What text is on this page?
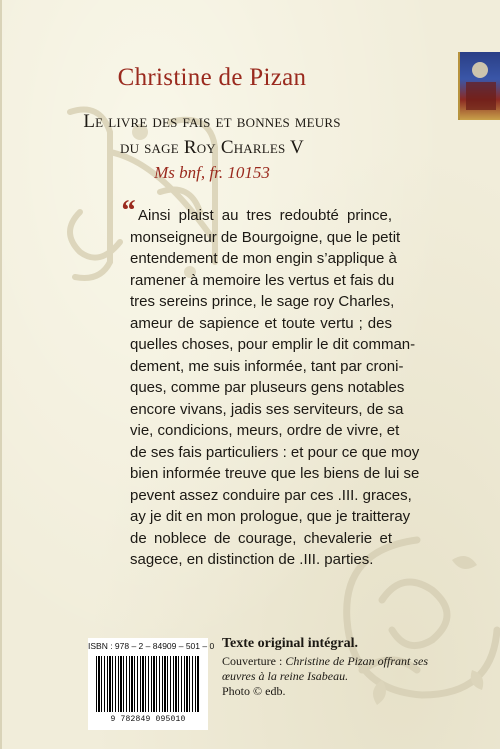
Christine de Pizan
Le livre des fais et bonnes meurs
du sage Roy Charles V
Ms bnf, fr. 10153
“ Ainsi plaist au tres redoubté prince,
monseigneur de Bourgoigne, que le petit
entendement de mon engin s’applique à
ramener à memoire les vertus et fais du
tres sereins prince, le sage roy Charles,
ameur de sapience et toute vertu ; des
quelles choses, pour emplir le dit comman-
dement, me suis informée, tant par croni-
ques, comme par pluseurs gens notables
encore vivans, jadis ses serviteurs, de sa
vie, condicions, meurs, ordre de vivre, et
de ses fais particuliers : et pour ce que moy
bien informée treuve que les biens de lui se
pevent assez conduire par ces .III. graces,
ay je dit en mon prologue, que je traitteray
de noblece de courage, chevalerie et
sagece, en distinction de .III. parties.
ISBN : 978 – 2 – 84909 – 501 – 0
9 782849 095010
Texte original intégral.
Couverture : Christine de Pizan offrant ses
œuvres à la reine Isabeau.
Photo © edb.
